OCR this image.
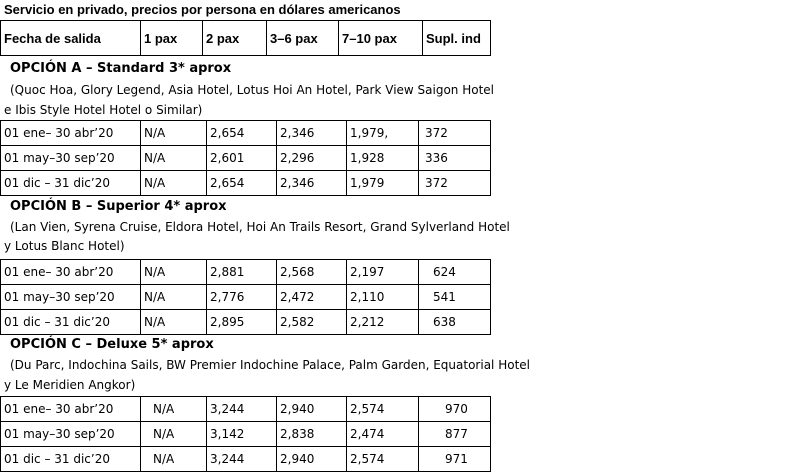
Servicio en privado, precios por persona en dólares americanos
Fecha de salida	1 pax	2 pax	3–6 pax	7–10 pax	Supl. ind
OPCIÓN A – Standard 3* aprox
(Quoc Hoa, Glory Legend, Asia Hotel, Lotus Hoi An Hotel, Park View Saigon Hotel
e Ibis Style Hotel Hotel o Similar)
01 ene– 30 abr’20	N/A	2,654	2,346	1,979,	372
01 may–30 sep’20	N/A	2,601	2,296	1,928	336
01 dic – 31 dic’20	N/A	2,654	2,346	1,979	372
OPCIÓN B – Superior 4* aprox
(Lan Vien, Syrena Cruise, Eldora Hotel, Hoi An Trails Resort, Grand Sylverland Hotel
y Lotus Blanc Hotel)
01 ene– 30 abr’20	N/A	2,881	2,568	2,197	624
01 may–30 sep’20	N/A	2,776	2,472	2,110	541
01 dic – 31 dic’20	N/A	2,895	2,582	2,212	638
OPCIÓN C – Deluxe 5* aprox
(Du Parc, Indochina Sails, BW Premier Indochine Palace, Palm Garden, Equatorial Hotel
y Le Meridien Angkor)
01 ene– 30 abr’20	N/A	3,244	2,940	2,574	970
01 may–30 sep’20	N/A	3,142	2,838	2,474	877
01 dic – 31 dic’20	N/A	3,244	2,940	2,574	971
